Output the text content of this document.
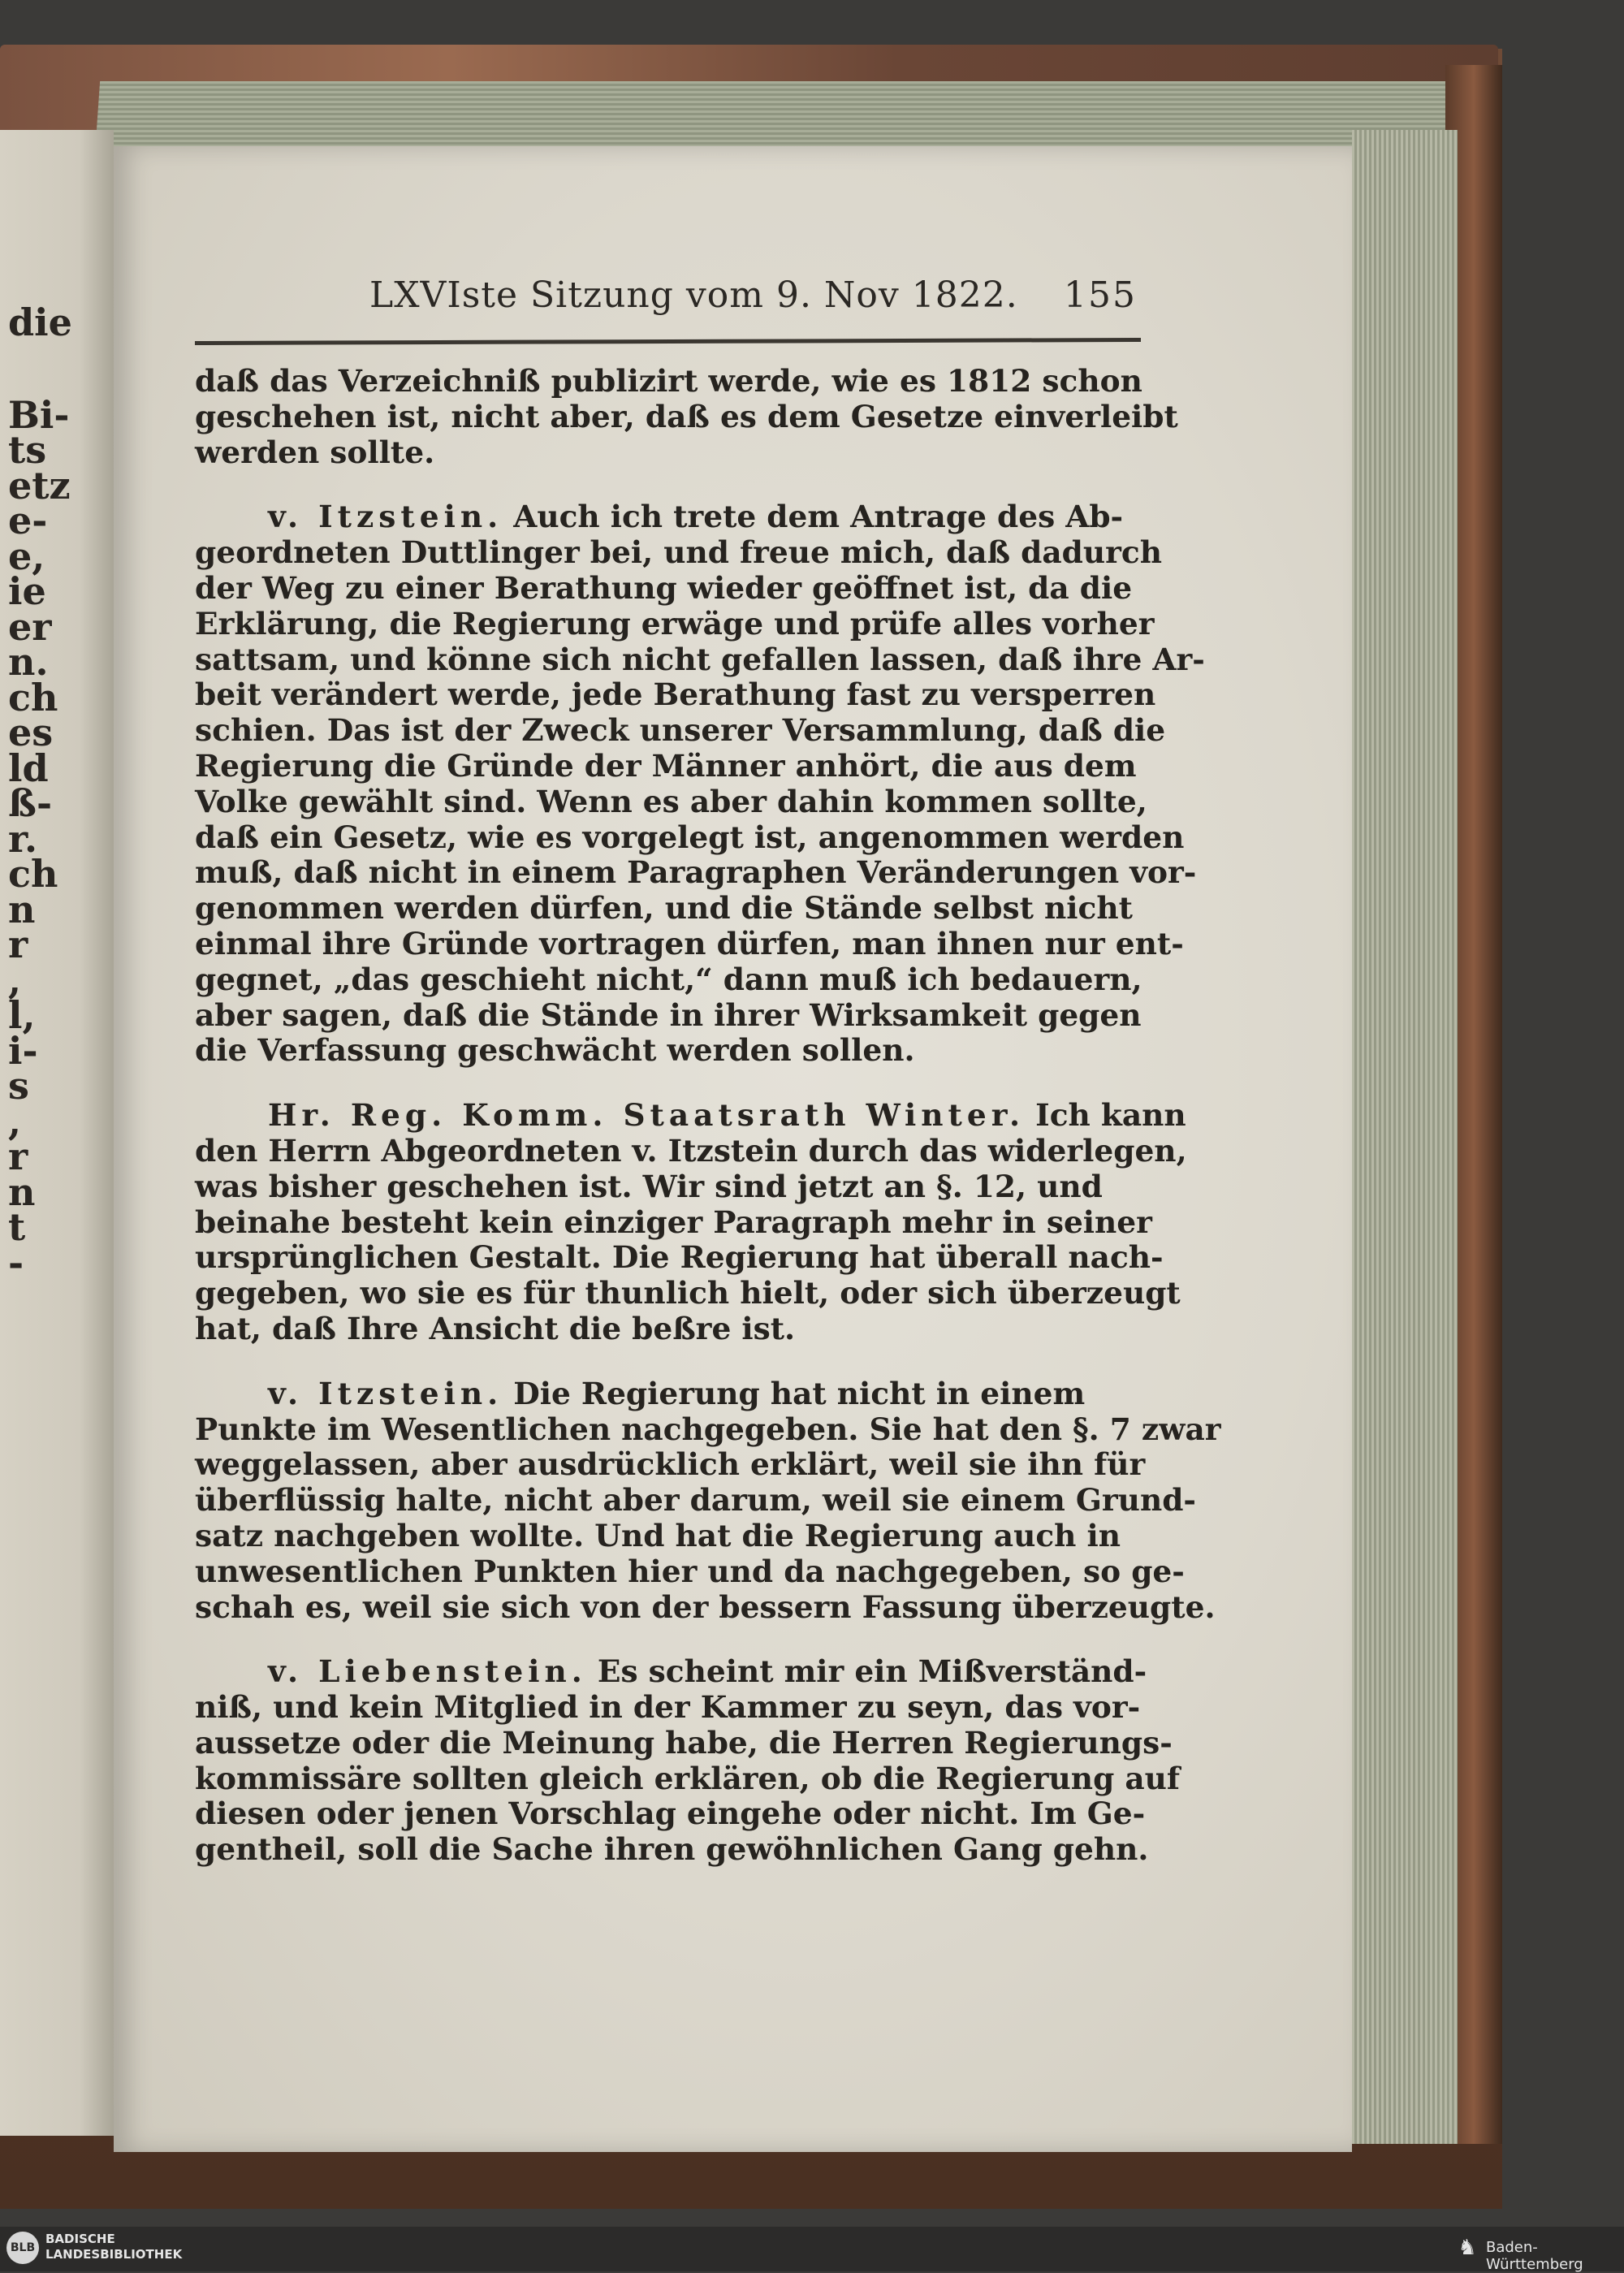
die
Bi-
ts
etz
e-
e,
ie
er
n.
ch
es
ld
ß-
r.
ch
n
r
,
l,
i-
s
,
r
n
t
-
LXVIste Sitzung vom 9. Nov 1822. 155
daß das Verzeichniß publizirt werde, wie es 1812 schon
geschehen ist, nicht aber, daß es dem Gesetze einverleibt
werden sollte.
v. Itzstein. Auch ich trete dem Antrage des Ab-
geordneten Duttlinger bei, und freue mich, daß dadurch
der Weg zu einer Berathung wieder geöffnet ist, da die
Erklärung, die Regierung erwäge und prüfe alles vorher
sattsam, und könne sich nicht gefallen lassen, daß ihre Ar-
beit verändert werde, jede Berathung fast zu versperren
schien. Das ist der Zweck unserer Versammlung, daß die
Regierung die Gründe der Männer anhört, die aus dem
Volke gewählt sind. Wenn es aber dahin kommen sollte,
daß ein Gesetz, wie es vorgelegt ist, angenommen werden
muß, daß nicht in einem Paragraphen Veränderungen vor-
genommen werden dürfen, und die Stände selbst nicht
einmal ihre Gründe vortragen dürfen, man ihnen nur ent-
gegnet, „das geschieht nicht,“ dann muß ich bedauern,
aber sagen, daß die Stände in ihrer Wirksamkeit gegen
die Verfassung geschwächt werden sollen.
Hr. Reg. Komm. Staatsrath Winter. Ich kann
den Herrn Abgeordneten v. Itzstein durch das widerlegen,
was bisher geschehen ist. Wir sind jetzt an §. 12, und
beinahe besteht kein einziger Paragraph mehr in seiner
ursprünglichen Gestalt. Die Regierung hat überall nach-
gegeben, wo sie es für thunlich hielt, oder sich überzeugt
hat, daß Ihre Ansicht die beßre ist.
v. Itzstein. Die Regierung hat nicht in einem
Punkte im Wesentlichen nachgegeben. Sie hat den §. 7 zwar
weggelassen, aber ausdrücklich erklärt, weil sie ihn für
überflüssig halte, nicht aber darum, weil sie einem Grund-
satz nachgeben wollte. Und hat die Regierung auch in
unwesentlichen Punkten hier und da nachgegeben, so ge-
schah es, weil sie sich von der bessern Fassung überzeugte.
v. Liebenstein. Es scheint mir ein Mißverständ-
niß, und kein Mitglied in der Kammer zu seyn, das vor-
aussetze oder die Meinung habe, die Herren Regierungs-
kommissäre sollten gleich erklären, ob die Regierung auf
diesen oder jenen Vorschlag eingehe oder nicht. Im Ge-
gentheil, soll die Sache ihren gewöhnlichen Gang gehn.
BLB
BADISCHE
LANDESBIBLIOTHEK	♞ Baden-Württemberg
